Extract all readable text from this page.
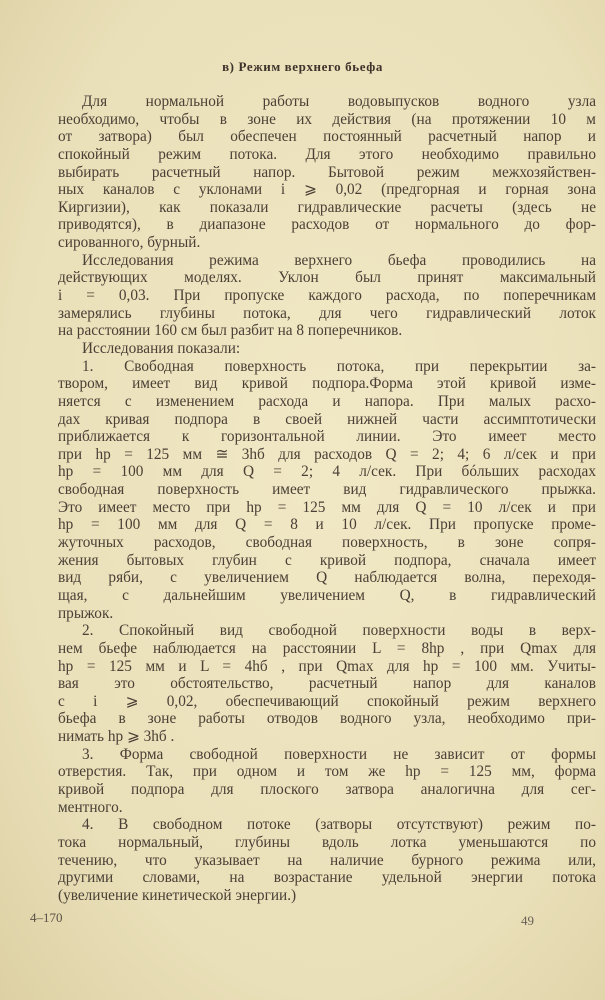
в) Режим верхнего бьефа
Для нормальной работы водовыпусков водного узла
необходимо, чтобы в зоне их действия (на протяжении 10 м
от затвора) был обеспечен постоянный расчетный напор и
спокойный режим потока. Для этого необходимо правильно
выбирать расчетный напор. Бытовой режим межхозяйствен-
ных каналов с уклонами i ⩾ 0,02 (предгорная и горная зона
Киргизии), как показали гидравлические расчеты (здесь не
приводятся), в диапазоне расходов от нормального до фор-
сированного, бурный.
Исследования режима верхнего бьефа проводились на
действующих моделях. Уклон был принят максимальный
i = 0,03. При пропуске каждого расхода, по поперечникам
замерялись глубины потока, для чего гидравлический лоток
на расстоянии 160 см был разбит на 8 поперечников.
Исследования показали:
1. Свободная поверхность потока, при перекрытии за-
твором, имеет вид кривой подпора.Форма этой кривой изме-
няется с изменением расхода и напора. При малых расхо-
дах кривая подпора в своей нижней части ассимптотически
приближается к горизонтальной линии. Это имеет место
при hр = 125 мм ≅ 3hб для расходов Q = 2; 4; 6 л/сек и при
hр = 100 мм для Q = 2; 4 л/сек. При бóльших расходах
свободная поверхность имеет вид гидравлического прыжка.
Это имеет место при hр = 125 мм для Q = 10 л/сек и при
hр = 100 мм для Q = 8 и 10 л/сек. При пропуске проме-
жуточных расходов, свободная поверхность, в зоне сопря-
жения бытовых глубин с кривой подпора, сначала имеет
вид ряби, с увеличением Q наблюдается волна, переходя-
щая, с дальнейшим увеличением Q, в гидравлический
прыжок.
2. Спокойный вид свободной поверхности воды в верх-
нем бьефе наблюдается на расстоянии L = 8hр , при Qmax для
hр = 125 мм и L = 4hб , при Qmax для hр = 100 мм. Учиты-
вая это обстоятельство, расчетный напор для каналов
с i ⩾ 0,02, обеспечивающий спокойный режим верхнего
бьефа в зоне работы отводов водного узла, необходимо при-
нимать hр ⩾ 3hб .
3. Форма свободной поверхности не зависит от формы
отверстия. Так, при одном и том же hр = 125 мм, форма
кривой подпора для плоского затвора аналогична для сег-
ментного.
4. В свободном потоке (затворы отсутствуют) режим по-
тока нормальный, глубины вдоль лотка уменьшаются по
течению, что указывает на наличие бурного режима или,
другими словами, на возрастание удельной энергии потока
(увеличение кинетической энергии.)
4–170	49
